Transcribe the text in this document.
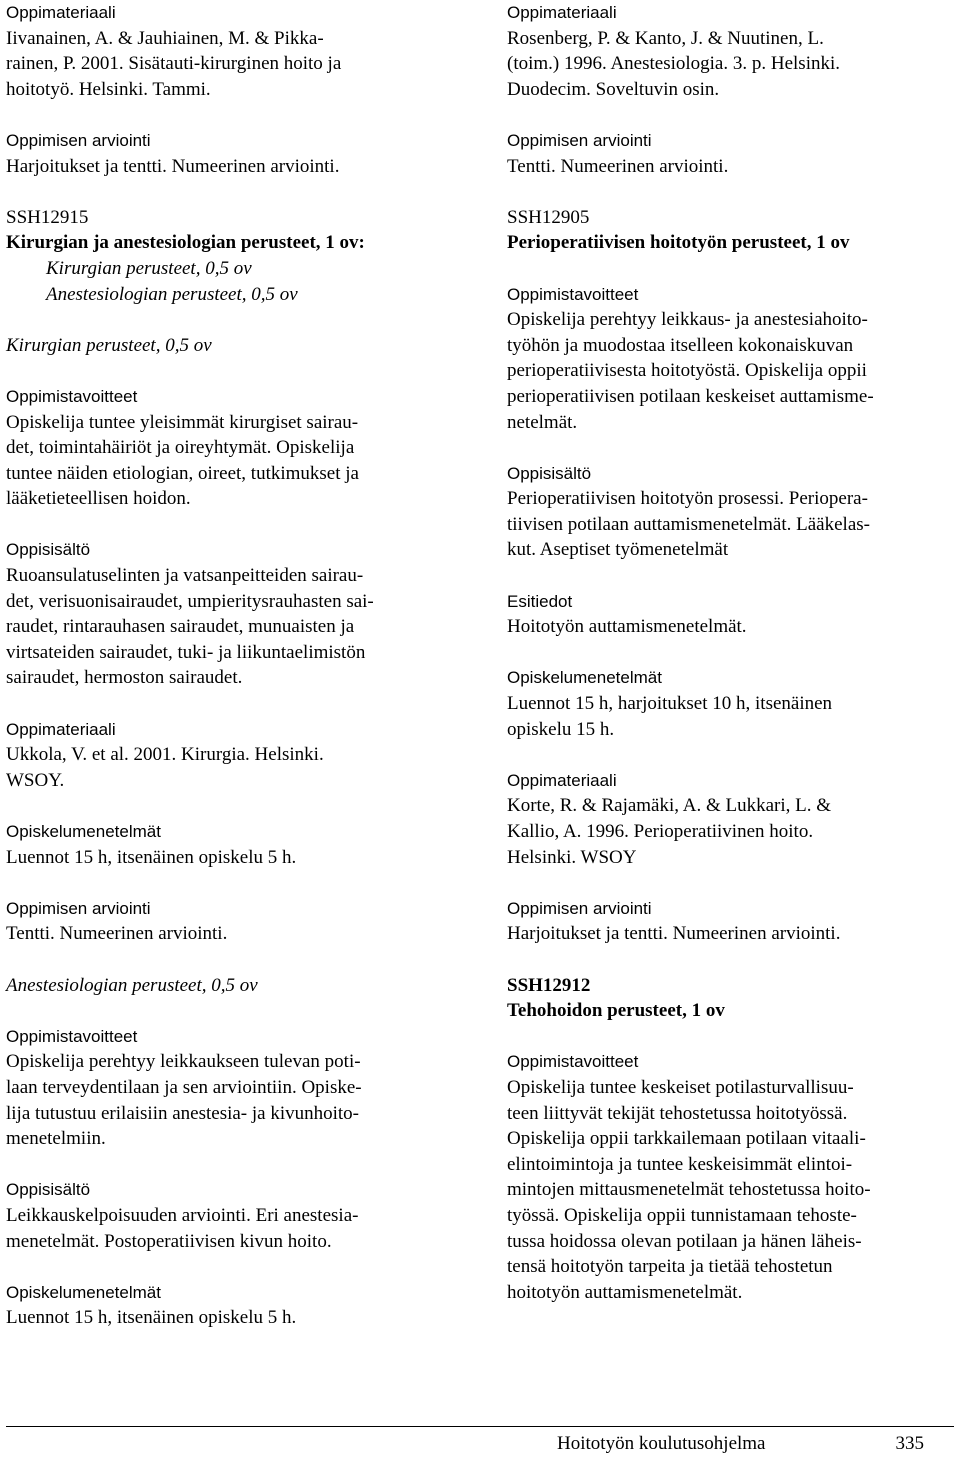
Oppimateriaali
Iivanainen, A. & Jauhiainen, M. & Pikka-
rainen, P. 2001. Sisätauti-kirurginen hoito ja
hoitotyö. Helsinki. Tammi.
Oppimisen arviointi
Harjoitukset ja tentti. Numeerinen arviointi.
SSH12915
Kirurgian ja anestesiologian perusteet, 1 ov:
Kirurgian perusteet, 0,5 ov
Anestesiologian perusteet, 0,5 ov
Kirurgian perusteet, 0,5 ov
Oppimistavoitteet
Opiskelija tuntee yleisimmät kirurgiset sairau-
det, toimintahäiriöt ja oireyhtymät. Opiskelija
tuntee näiden etiologian, oireet, tutkimukset ja
lääketieteellisen hoidon.
Oppisisältö
Ruoansulatuselinten ja vatsanpeitteiden sairau-
det, verisuonisairaudet, umpieritysrauhasten sai-
raudet, rintarauhasen sairaudet, munuaisten ja
virtsateiden sairaudet, tuki- ja liikuntaelimistön
sairaudet, hermoston sairaudet.
Oppimateriaali
Ukkola, V. et al. 2001. Kirurgia. Helsinki.
WSOY.
Opiskelumenetelmät
Luennot 15 h, itsenäinen opiskelu 5 h.
Oppimisen arviointi
Tentti. Numeerinen arviointi.
Anestesiologian perusteet, 0,5 ov
Oppimistavoitteet
Opiskelija perehtyy leikkaukseen tulevan poti-
laan terveydentilaan ja sen arviointiin. Opiske-
lija tutustuu erilaisiin anestesia- ja kivunhoito-
menetelmiin.
Oppisisältö
Leikkauskelpoisuuden arviointi. Eri anestesia-
menetelmät. Postoperatiivisen kivun hoito.
Opiskelumenetelmät
Luennot 15 h, itsenäinen opiskelu 5 h.
Oppimateriaali
Rosenberg, P. & Kanto, J. & Nuutinen, L.
(toim.) 1996. Anestesiologia. 3. p. Helsinki.
Duodecim. Soveltuvin osin.
Oppimisen arviointi
Tentti. Numeerinen arviointi.
SSH12905
Perioperatiivisen hoitotyön perusteet, 1 ov
Oppimistavoitteet
Opiskelija perehtyy leikkaus- ja anestesiahoito-
työhön ja muodostaa itselleen kokonaiskuvan
perioperatiivisesta hoitotyöstä. Opiskelija oppii
perioperatiivisen potilaan keskeiset auttamisme-
netelmät.
Oppisisältö
Perioperatiivisen hoitotyön prosessi. Perioperа-
tiivisen potilaan auttamismenetelmät. Lääkelas-
kut. Aseptiset työmenetelmät
Esitiedot
Hoitotyön auttamismenetelmät.
Opiskelumenetelmät
Luennot 15 h, harjoitukset 10 h, itsenäinen
opiskelu 15 h.
Oppimateriaali
Korte, R. & Rajamäki, A. & Lukkari, L. &
Kallio, A. 1996. Perioperatiivinen hoito.
Helsinki. WSOY
Oppimisen arviointi
Harjoitukset ja tentti. Numeerinen arviointi.
SSH12912
Tehohoidon perusteet, 1 ov
Oppimistavoitteet
Opiskelija tuntee keskeiset potilasturvallisuu-
teen liittyvät tekijät tehostetussa hoitotyössä.
Opiskelija oppii tarkkailemaan potilaan vitaali-
elintoimintoja ja tuntee keskeisimmät elintoi-
mintojen mittausmenetelmät tehostetussa hoito-
työssä. Opiskelija oppii tunnistamaan tehoste-
tussa hoidossa olevan potilaan ja hänen läheis-
tensä hoitotyön tarpeita ja tietää tehostetun
hoitotyön auttamismenetelmät.
Hoitotyön koulutusohjelma	335
